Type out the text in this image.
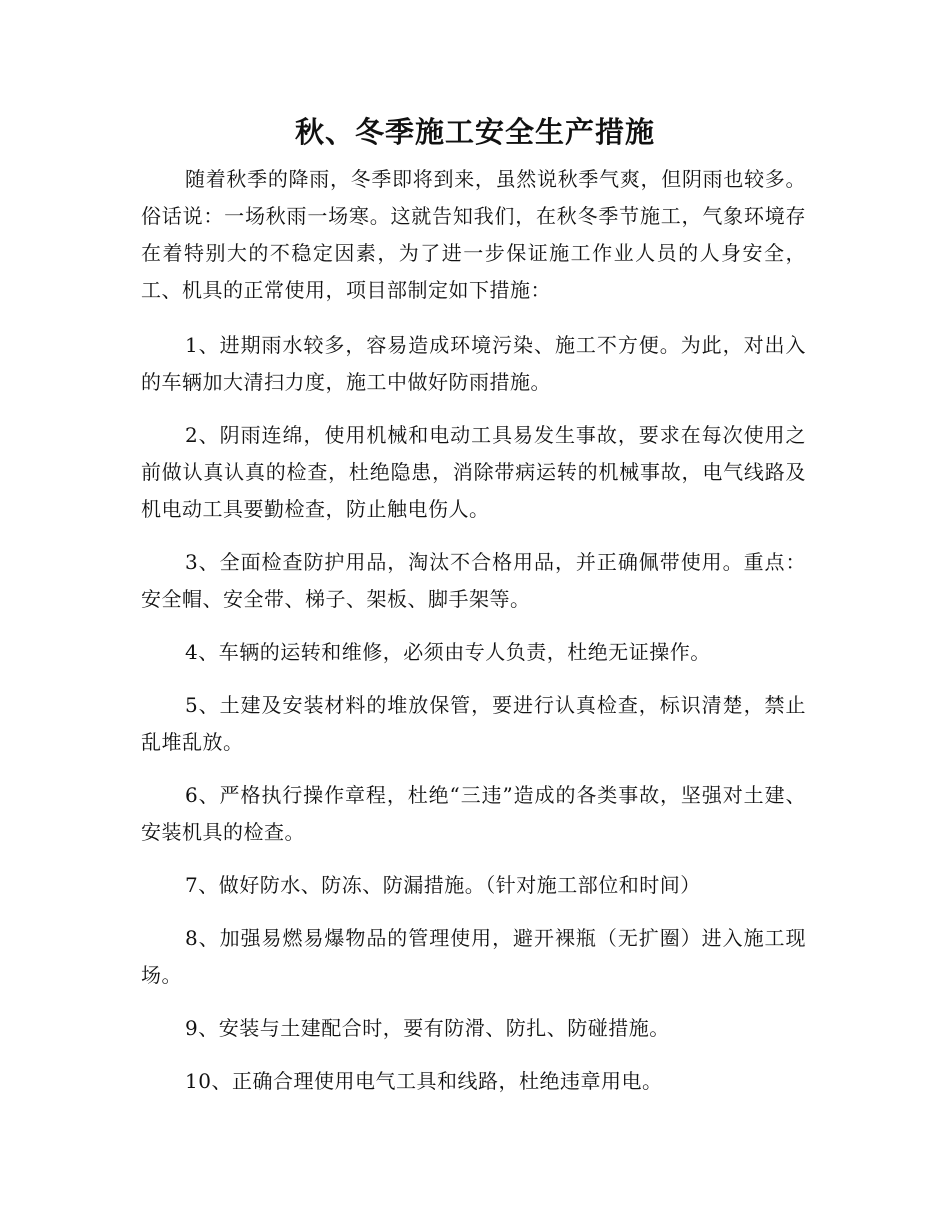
秋、冬季施工安全生产措施

随着秋季的降雨，冬季即将到来，虽然说秋季气爽，但阴雨也较多。俗话说：一场秋雨一场寒。这就告知我们，在秋冬季节施工，气象环境存在着特别大的不稳定因素，为了进一步保证施工作业人员的人身安全，工、机具的正常使用，项目部制定如下措施：

1、进期雨水较多，容易造成环境污染、施工不方便。为此，对出入的车辆加大清扫力度，施工中做好防雨措施。

2、阴雨连绵，使用机械和电动工具易发生事故，要求在每次使用之前做认真认真的检查，杜绝隐患，消除带病运转的机械事故，电气线路及机电动工具要勤检查，防止触电伤人。

3、全面检查防护用品，淘汰不合格用品，并正确佩带使用。重点：安全帽、安全带、梯子、架板、脚手架等。

4、车辆的运转和维修，必须由专人负责，杜绝无证操作。

5、土建及安装材料的堆放保管，要进行认真检查，标识清楚，禁止乱堆乱放。

6、严格执行操作章程，杜绝“三违”造成的各类事故，坚强对土建、安装机具的检查。

7、做好防水、防冻、防漏措施。（针对施工部位和时间）

8、加强易燃易爆物品的管理使用，避开裸瓶（无扩圈）进入施工现场。

9、安装与土建配合时，要有防滑、防扎、防碰措施。

10、正确合理使用电气工具和线路，杜绝违章用电。
